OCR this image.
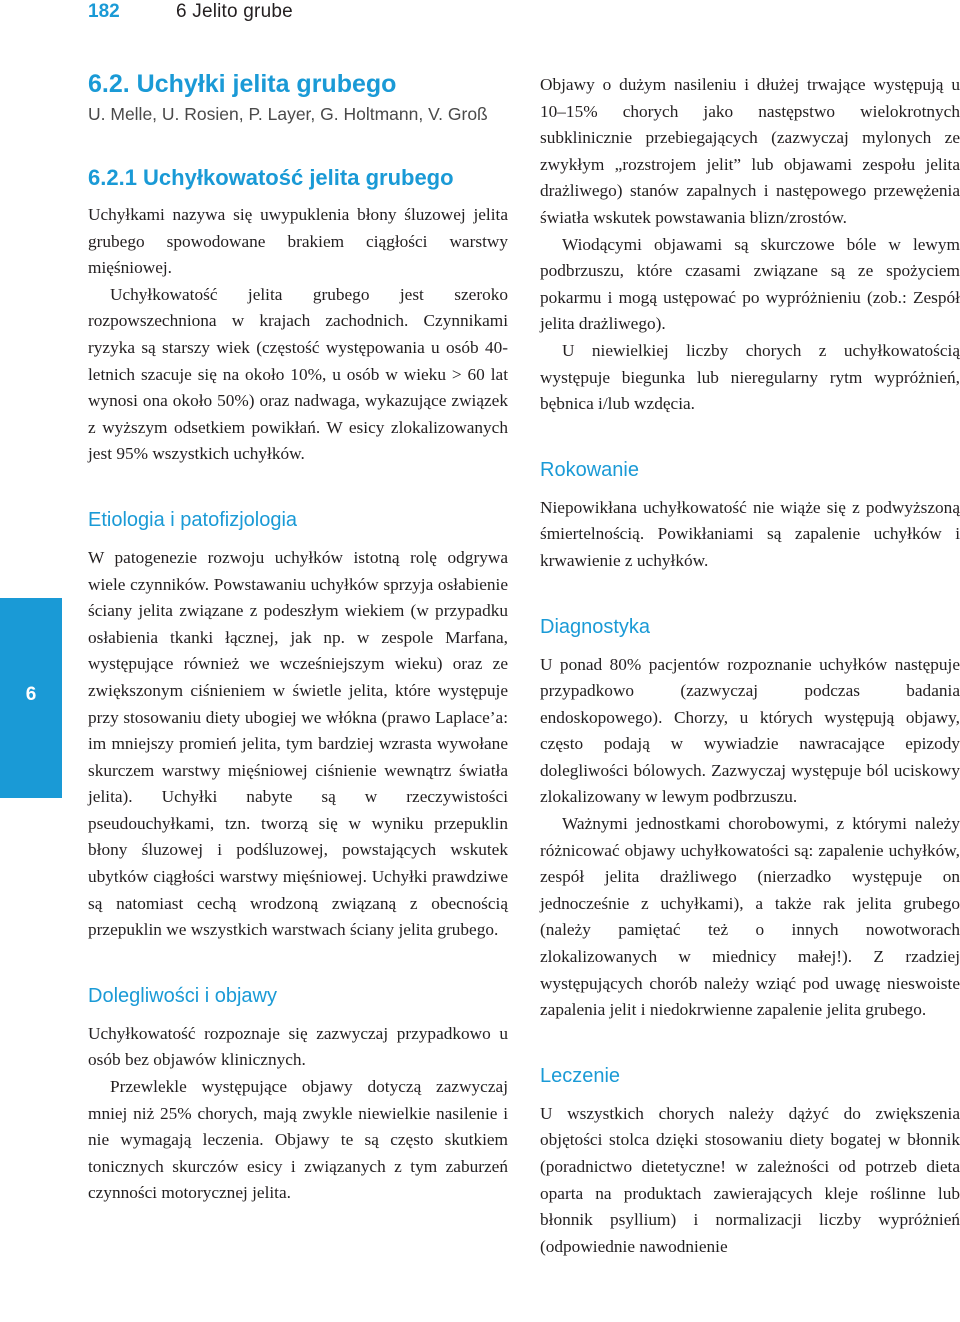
182	6 Jelito grube
6
6.2. Uchyłki jelita grubego
U. Melle, U. Rosien, P. Layer, G. Holtmann, V. Groß
6.2.1 Uchyłkowatość jelita grubego

Uchyłkami nazywa się uwypuklenia błony śluzowej jelita grubego spowodowane brakiem ciągłości warstwy mięśniowej.

Uchyłkowatość jelita grubego jest szeroko rozpowszechniona w krajach zachodnich. Czynnikami ryzyka są starszy wiek (częstość występowania u osób 40-letnich szacuje się na około 10%, u osób w wieku > 60 lat wynosi ona około 50%) oraz nadwaga, wykazujące związek z wyższym odsetkiem powikłań. W esicy zlokalizowanych jest 95% wszystkich uchyłków.

Etiologia i patofizjologia

W patogenezie rozwoju uchyłków istotną rolę odgrywa wiele czynników. Powstawaniu uchyłków sprzyja osłabienie ściany jelita związane z podeszłym wiekiem (w przypadku osłabienia tkanki łącznej, jak np. w zespole Marfana, występujące również we wcześniejszym wieku) oraz ze zwiększonym ciśnieniem w świetle jelita, które występuje przy stosowaniu diety ubogiej we włókna (prawo Laplace’a: im mniejszy promień jelita, tym bardziej wzrasta wywołane skurczem warstwy mięśniowej ciśnienie wewnątrz światła jelita). Uchyłki nabyte są w rzeczywistości pseudouchyłkami, tzn. tworzą się w wyniku przepuklin błony śluzowej i podśluzowej, powstających wskutek ubytków ciągłości warstwy mięśniowej. Uchyłki prawdziwe są natomiast cechą wrodzoną związaną z obecnością przepuklin we wszystkich warstwach ściany jelita grubego.

Dolegliwości i objawy

Uchyłkowatość rozpoznaje się zazwyczaj przypadkowo u osób bez objawów klinicznych.

Przewlekle występujące objawy dotyczą zazwyczaj mniej niż 25% chorych, mają zwykle niewielkie nasilenie i nie wymagają leczenia. Objawy te są często skutkiem tonicznych skurczów esicy i związanych z tym zaburzeń czynności motorycznej jelita.

Objawy o dużym nasileniu i dłużej trwające występują u 10–15% chorych jako następstwo wielokrotnych subklinicznie przebiegających (zazwyczaj mylonych ze zwykłym „rozstrojem jelit” lub objawami zespołu jelita drażliwego) stanów zapalnych i następowego przewężenia światła wskutek powstawania blizn/zrostów.

Wiodącymi objawami są skurczowe bóle w lewym podbrzuszu, które czasami związane są ze spożyciem pokarmu i mogą ustępować po wypróżnieniu (zob.: Zespół jelita drażliwego).

U niewielkiej liczby chorych z uchyłkowatością występuje biegunka lub nieregularny rytm wypróżnień, bębnica i/lub wzdęcia.

Rokowanie

Niepowikłana uchyłkowatość nie wiąże się z podwyższoną śmiertelnością. Powikłaniami są zapalenie uchyłków i krwawienie z uchyłków.

Diagnostyka

U ponad 80% pacjentów rozpoznanie uchyłków następuje przypadkowo (zazwyczaj podczas badania endoskopowego). Chorzy, u których występują objawy, często podają w wywiadzie nawracające epizody dolegliwości bólowych. Zazwyczaj występuje ból uciskowy zlokalizowany w lewym podbrzuszu.

Ważnymi jednostkami chorobowymi, z którymi należy różnicować objawy uchyłkowatości są: zapalenie uchyłków, zespół jelita drażliwego (nierzadko występuje on jednocześnie z uchyłkami), a także rak jelita grubego (należy pamiętać też o innych nowotworach zlokalizowanych w miednicy małej!). Z rzadziej występujących chorób należy wziąć pod uwagę nieswoiste zapalenia jelit i niedokrwienne zapalenie jelita grubego.

Leczenie

U wszystkich chorych należy dążyć do zwiększenia objętości stolca dzięki stosowaniu diety bogatej w błonnik (poradnictwo dietetyczne! w zależności od potrzeb dieta oparta na produktach zawierających kleje roślinne lub błonnik psyllium) i normalizacji liczby wypróżnień (odpowiednie nawodnienie
